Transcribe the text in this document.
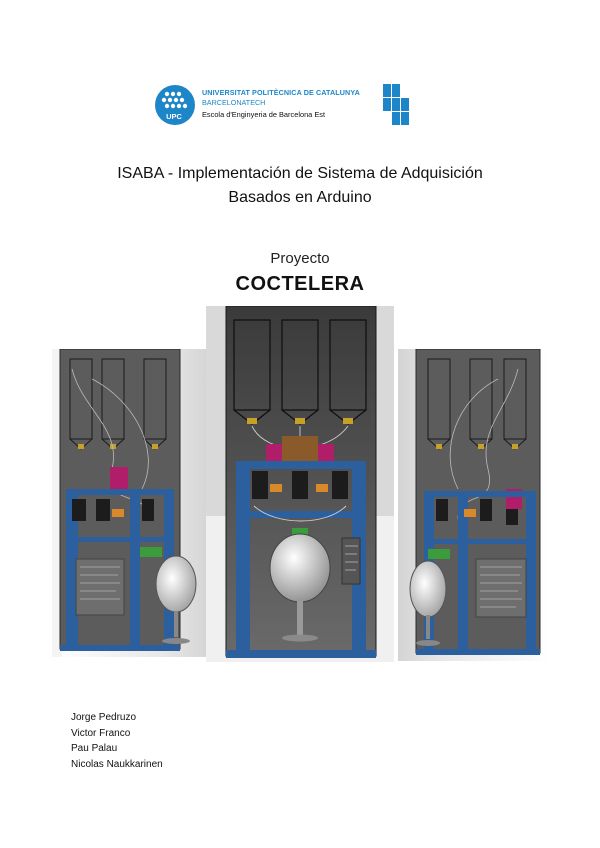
UPC
UNIVERSITAT POLITÈCNICA DE CATALUNYA
BARCELONATECH
Escola d'Enginyeria de Barcelona Est
ISABA - Implementación de Sistema de Adquisición
Basados en Arduino
Proyecto
COCTELERA
Jorge Pedruzo
Victor Franco
Pau Palau
Nicolas Naukkarinen
